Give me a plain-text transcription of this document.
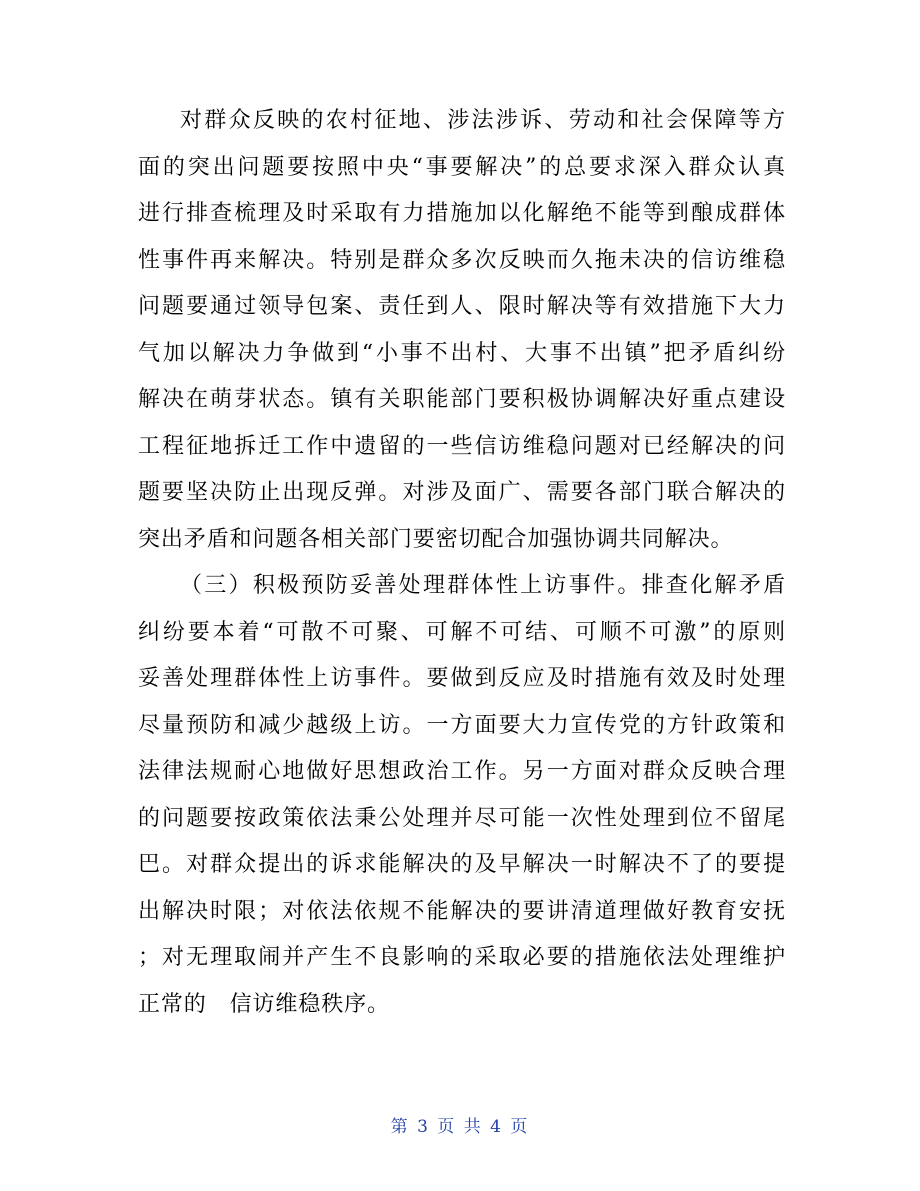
对群众反映的农村征地、涉法涉诉、劳动和社会保障等方
面的突出问题要按照中央“事要解决”的总要求深入群众认真
进行排查梳理及时采取有力措施加以化解绝不能等到酿成群体
性事件再来解决。特别是群众多次反映而久拖未决的信访维稳
问题要通过领导包案、责任到人、限时解决等有效措施下大力
气加以解决力争做到“小事不出村、大事不出镇”把矛盾纠纷
解决在萌芽状态。镇有关职能部门要积极协调解决好重点建设
工程征地拆迁工作中遗留的一些信访维稳问题对已经解决的问
题要坚决防止出现反弹。对涉及面广、需要各部门联合解决的
突出矛盾和问题各相关部门要密切配合加强协调共同解决。
（三）积极预防妥善处理群体性上访事件。排查化解矛盾
纠纷要本着“可散不可聚、可解不可结、可顺不可激”的原则
妥善处理群体性上访事件。要做到反应及时措施有效及时处理
尽量预防和减少越级上访。一方面要大力宣传党的方针政策和
法律法规耐心地做好思想政治工作。另一方面对群众反映合理
的问题要按政策依法秉公处理并尽可能一次性处理到位不留尾
巴。对群众提出的诉求能解决的及早解决一时解决不了的要提
出解决时限；对依法依规不能解决的要讲清道理做好教育安抚
；对无理取闹并产生不良影响的采取必要的措施依法处理维护
正常的　信访维稳秩序。
第 3 页 共 4 页
